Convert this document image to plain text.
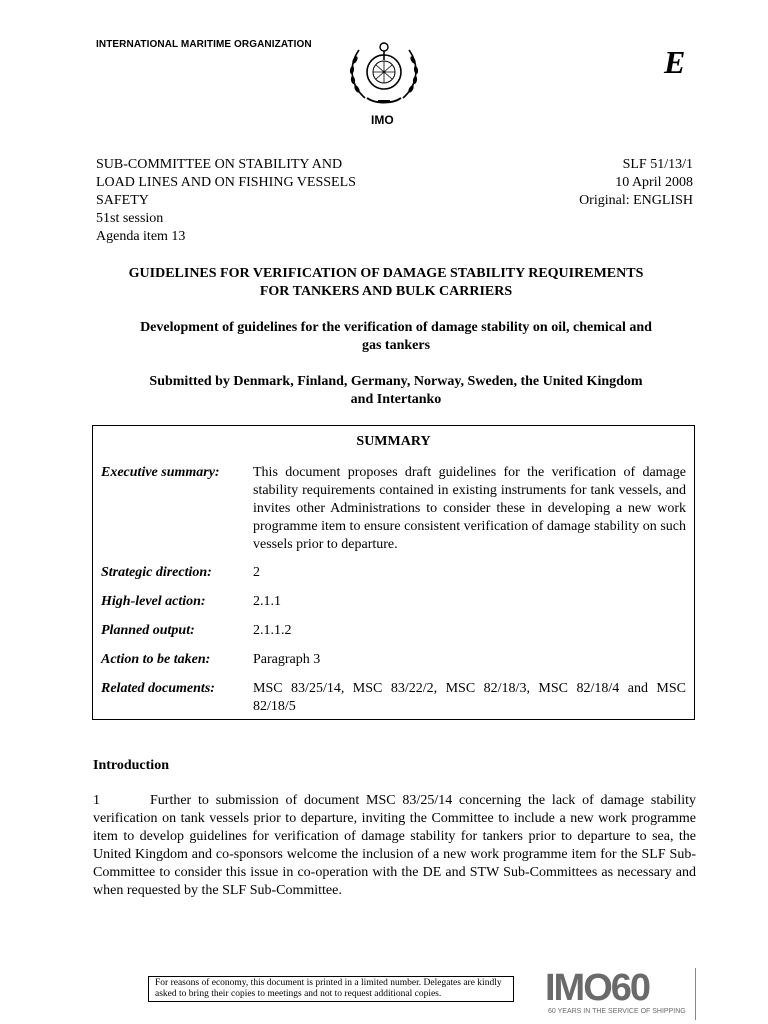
INTERNATIONAL MARITIME ORGANIZATION	E
IMO
SUB-COMMITTEE ON STABILITY AND
LOAD LINES AND ON FISHING VESSELS
SAFETY
51st session
Agenda item 13
SLF 51/13/1
10 April 2008
Original: ENGLISH
GUIDELINES FOR VERIFICATION OF DAMAGE STABILITY REQUIREMENTS
FOR TANKERS AND BULK CARRIERS
Development of guidelines for the verification of damage stability on oil, chemical and
gas tankers
Submitted by Denmark, Finland, Germany, Norway, Sweden, the United Kingdom
and Intertanko
SUMMARY
Executive summary:	This document proposes draft guidelines for the verification of damage stability requirements contained in existing instruments for tank vessels, and invites other Administrations to consider these in developing a new work programme item to ensure consistent verification of damage stability on such vessels prior to departure.
Strategic direction:	2
High-level action:	2.1.1
Planned output:	2.1.1.2
Action to be taken:	Paragraph 3
Related documents:	MSC 83/25/14, MSC 83/22/2, MSC 82/18/3, MSC 82/18/4 and MSC 82/18/5
Introduction
1	Further to submission of document MSC 83/25/14 concerning the lack of damage stability verification on tank vessels prior to departure, inviting the Committee to include a new work programme item to develop guidelines for verification of damage stability for tankers prior to departure to sea, the United Kingdom and co-sponsors welcome the inclusion of a new work programme item for the SLF Sub-Committee to consider this issue in co-operation with the DE and STW Sub-Committees as necessary and when requested by the SLF Sub-Committee.
For reasons of economy, this document is printed in a limited number. Delegates are kindly asked to bring their copies to meetings and not to request additional copies.	IMO60
60 YEARS IN THE SERVICE OF SHIPPING
